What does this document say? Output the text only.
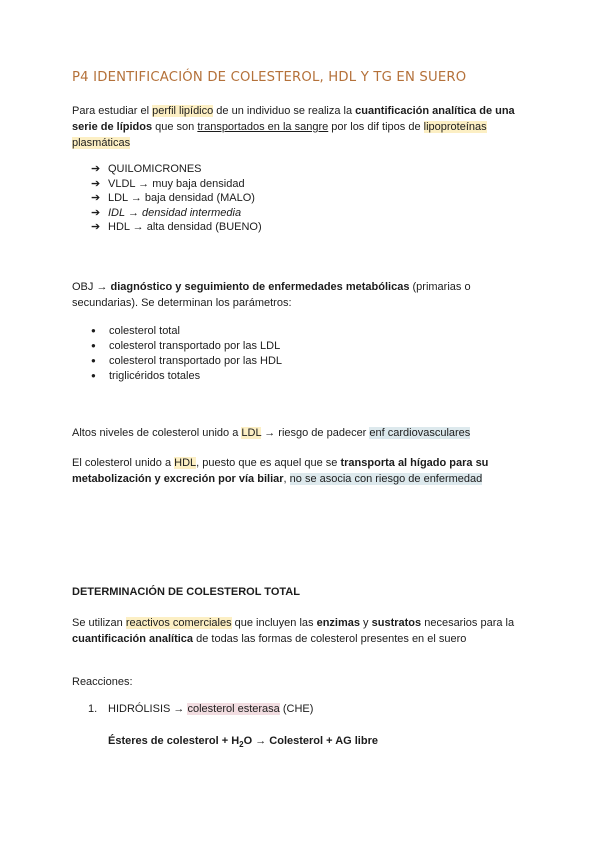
P4 IDENTIFICACIÓN DE COLESTEROL, HDL Y TG EN SUERO
Para estudiar el perfil lipídico de un individuo se realiza la cuantificación analítica de una serie de lípidos que son transportados en la sangre por los dif tipos de lipoproteínas plasmáticas
➔ QUILOMICRONES
➔ VLDL → muy baja densidad
➔ LDL → baja densidad (MALO)
➔ IDL → densidad intermedia
➔ HDL → alta densidad (BUENO)
OBJ → diagnóstico y seguimiento de enfermedades metabólicas (primarias o secundarias). Se determinan los parámetros:
● colesterol total
● colesterol transportado por las LDL
● colesterol transportado por las HDL
● triglicéridos totales
Altos niveles de colesterol unido a LDL → riesgo de padecer enf cardiovasculares
El colesterol unido a HDL, puesto que es aquel que se transporta al hígado para su metabolización y excreción por vía biliar, no se asocia con riesgo de enfermedad
DETERMINACIÓN DE COLESTEROL TOTAL
Se utilizan reactivos comerciales que incluyen las enzimas y sustratos necesarios para la cuantificación analítica de todas las formas de colesterol presentes en el suero
Reacciones:
1. HIDRÓLISIS → colesterol esterasa (CHE)
Ésteres de colesterol + $H_2O$ → Colesterol + AG libre
